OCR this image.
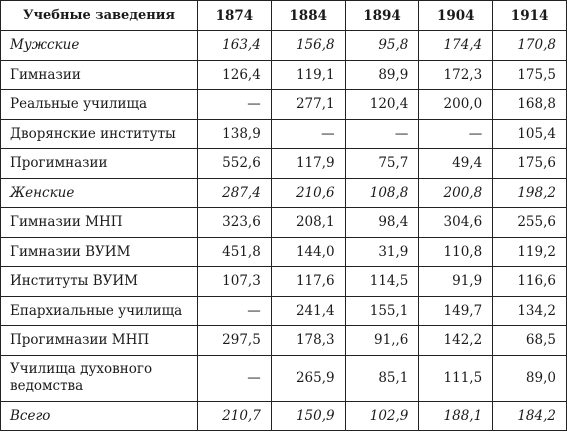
Учебные заведения	1874	1884	1894	1904	1914
Мужские	163,4	156,8	95,8	174,4	170,8
Гимназии	126,4	119,1	89,9	172,3	175,5
Реальные училища	—	277,1	120,4	200,0	168,8
Дворянские институты	138,9	—	—	—	105,4
Прогимназии	552,6	117,9	75,7	49,4	175,6
Женские	287,4	210,6	108,8	200,8	198,2
Гимназии МНП	323,6	208,1	98,4	304,6	255,6
Гимназии ВУИМ	451,8	144,0	31,9	110,8	119,2
Институты ВУИМ	107,3	117,6	114,5	91,9	116,6
Епархиальные училища	—	241,4	155,1	149,7	134,2
Прогимназии МНП	297,5	178,3	91,,6	142,2	68,5
Училища духовного ведомства	—	265,9	85,1	111,5	89,0
Всего	210,7	150,9	102,9	188,1	184,2
